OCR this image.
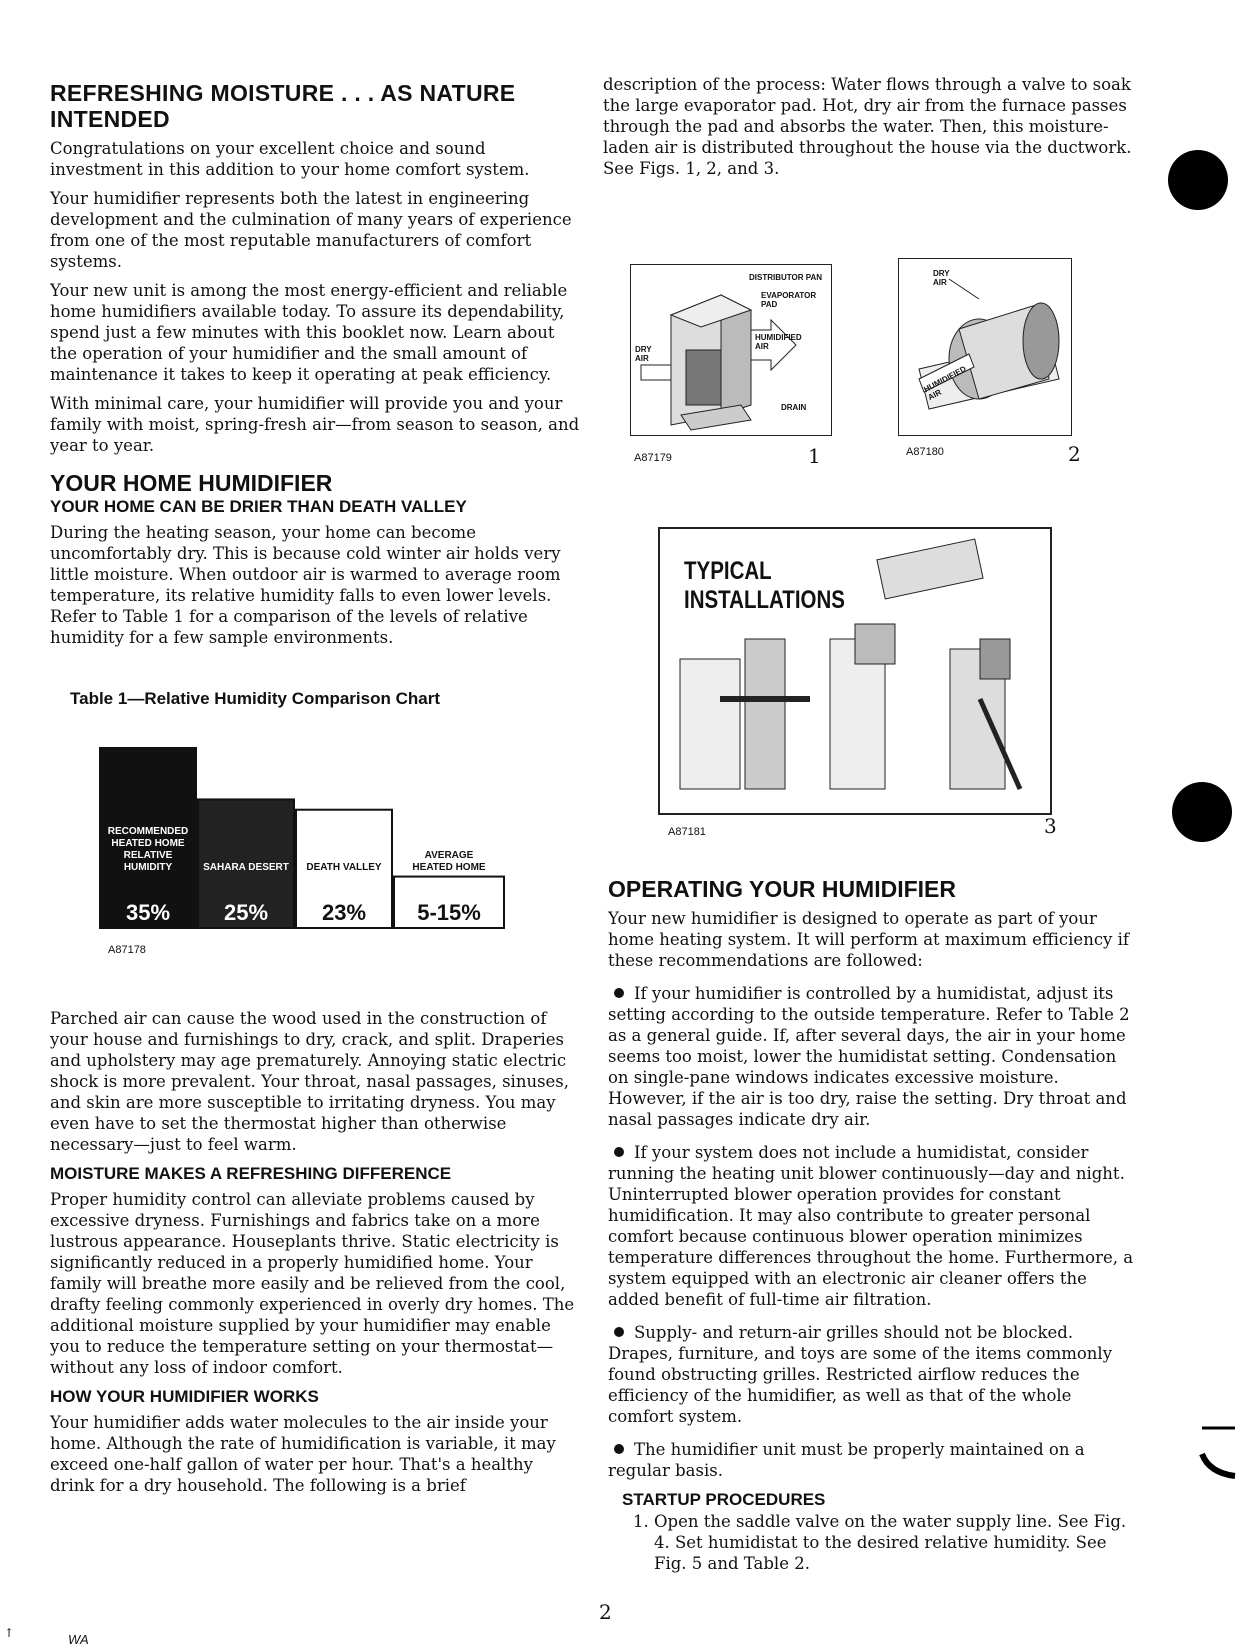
REFRESHING MOISTURE . . . AS NATURE INTENDED

Congratulations on your excellent choice and sound investment in this addition to your home comfort system.

Your humidifier represents both the latest in engineering development and the culmination of many years of experience from one of the most reputable manufacturers of comfort systems.

Your new unit is among the most energy-efficient and reliable home humidifiers available today. To assure its dependability, spend just a few minutes with this booklet now. Learn about the operation of your humidifier and the small amount of maintenance it takes to keep it operating at peak efficiency.

With minimal care, your humidifier will provide you and your family with moist, spring-fresh air—from season to season, and year to year.

YOUR HOME HUMIDIFIER
YOUR HOME CAN BE DRIER THAN DEATH VALLEY

During the heating season, your home can become uncomfortably dry. This is because cold winter air holds very little moisture. When outdoor air is warmed to average room temperature, its relative humidity falls to even lower levels. Refer to Table 1 for a comparison of the levels of relative humidity for a few sample environments.

Table 1—Relative Humidity Comparison Chart
RECOMMENDED HEATED HOME RELATIVE HUMIDITY
35%
SAHARA DESERT
25%
DEATH VALLEY
23%
AVERAGE HEATED HOME
5-15%
A87178

Parched air can cause the wood used in the construction of your house and furnishings to dry, crack, and split. Draperies and upholstery may age prematurely. Annoying static electric shock is more prevalent. Your throat, nasal passages, sinuses, and skin are more susceptible to irritating dryness. You may even have to set the thermostat higher than otherwise necessary—just to feel warm.

MOISTURE MAKES A REFRESHING DIFFERENCE

Proper humidity control can alleviate problems caused by excessive dryness. Furnishings and fabrics take on a more lustrous appearance. Houseplants thrive. Static electricity is significantly reduced in a properly humidified home. Your family will breathe more easily and be relieved from the cool, drafty feeling commonly experienced in overly dry homes. The additional moisture supplied by your humidifier may enable you to reduce the temperature setting on your thermostat—without any loss of indoor comfort.

HOW YOUR HUMIDIFIER WORKS

Your humidifier adds water molecules to the air inside your home. Although the rate of humidification is variable, it may exceed one-half gallon of water per hour. That's a healthy drink for a dry household. The following is a brief

description of the process: Water flows through a valve to soak the large evaporator pad. Hot, dry air from the furnace passes through the pad and absorbs the water. Then, this moisture-laden air is distributed throughout the house via the ductwork. See Figs. 1, 2, and 3.

DISTRIBUTOR PAN
EVAPORATOR PAD
DRY AIR
HUMIDIFIED AIR
DRAIN
A87179	1
DRY AIR
HUMIDIFIED AIR
A87180	2
TYPICAL INSTALLATIONS
A87181	3
OPERATING YOUR HUMIDIFIER

Your new humidifier is designed to operate as part of your home heating system. It will perform at maximum efficiency if these recommendations are followed:

If your humidifier is controlled by a humidistat, adjust its setting according to the outside temperature. Refer to Table 2 as a general guide. If, after several days, the air in your home seems too moist, lower the humidistat setting. Condensation on single-pane windows indicates excessive moisture. However, if the air is too dry, raise the setting. Dry throat and nasal passages indicate dry air.

If your system does not include a humidistat, consider running the heating unit blower continuously—day and night. Uninterrupted blower operation provides for constant humidification. It may also contribute to greater personal comfort because continuous blower operation minimizes temperature differences throughout the home. Furthermore, a system equipped with an electronic air cleaner offers the added benefit of full-time air filtration.

Supply- and return-air grilles should not be blocked. Drapes, furniture, and toys are some of the items commonly found obstructing grilles. Restricted airflow reduces the efficiency of the humidifier, as well as that of the whole comfort system.

The humidifier unit must be properly maintained on a regular basis.

STARTUP PROCEDURES
1. Open the saddle valve on the water supply line. See Fig. 4. Set humidistat to the desired relative humidity. See Fig. 5 and Table 2.
2
WA
↑
